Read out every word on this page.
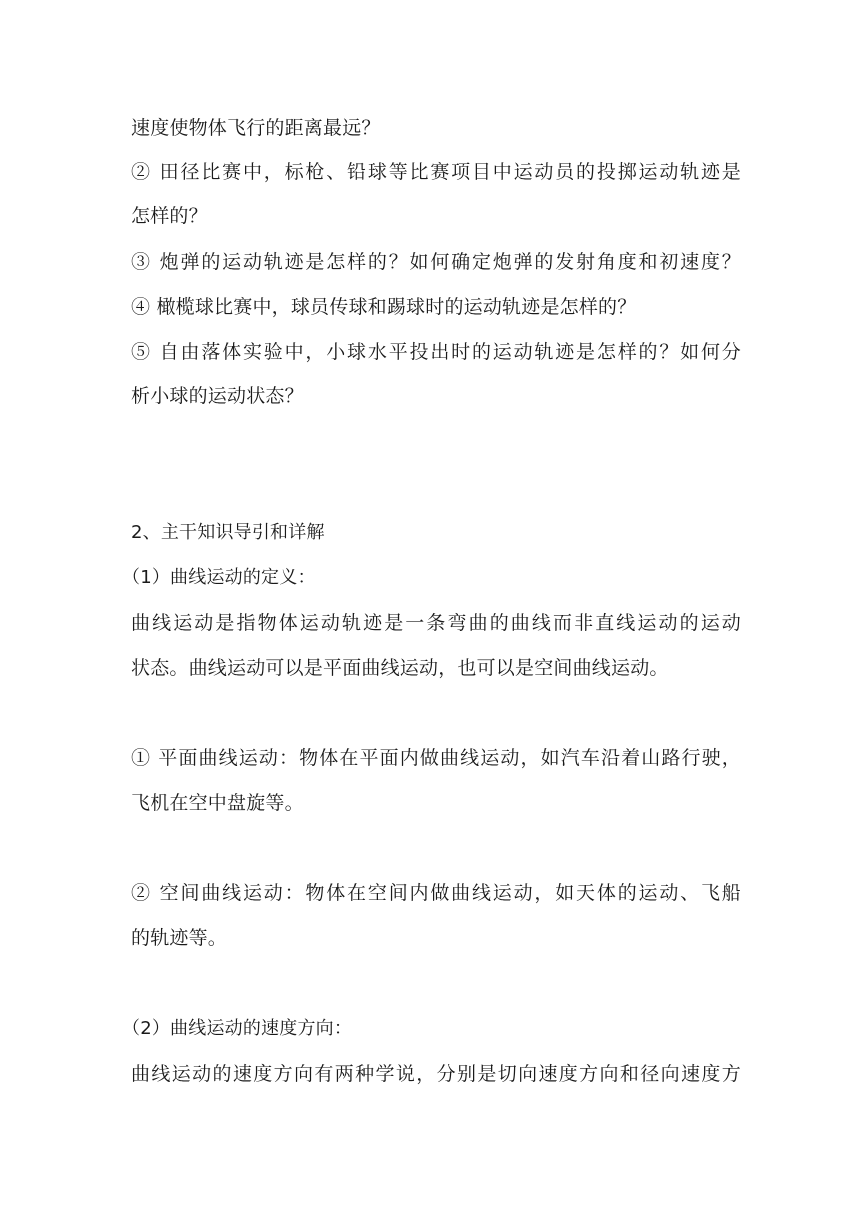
速度使物体飞行的距离最远？
② 田径比赛中，标枪、铅球等比赛项目中运动员的投掷运动轨迹是
怎样的？
③ 炮弹的运动轨迹是怎样的？如何确定炮弹的发射角度和初速度？
④ 橄榄球比赛中，球员传球和踢球时的运动轨迹是怎样的？
⑤ 自由落体实验中，小球水平投出时的运动轨迹是怎样的？如何分
析小球的运动状态？
2、主干知识导引和详解
（1）曲线运动的定义：
曲线运动是指物体运动轨迹是一条弯曲的曲线而非直线运动的运动
状态。曲线运动可以是平面曲线运动，也可以是空间曲线运动。
① 平面曲线运动：物体在平面内做曲线运动，如汽车沿着山路行驶，
飞机在空中盘旋等。
② 空间曲线运动：物体在空间内做曲线运动，如天体的运动、飞船
的轨迹等。
（2）曲线运动的速度方向：
曲线运动的速度方向有两种学说，分别是切向速度方向和径向速度方
